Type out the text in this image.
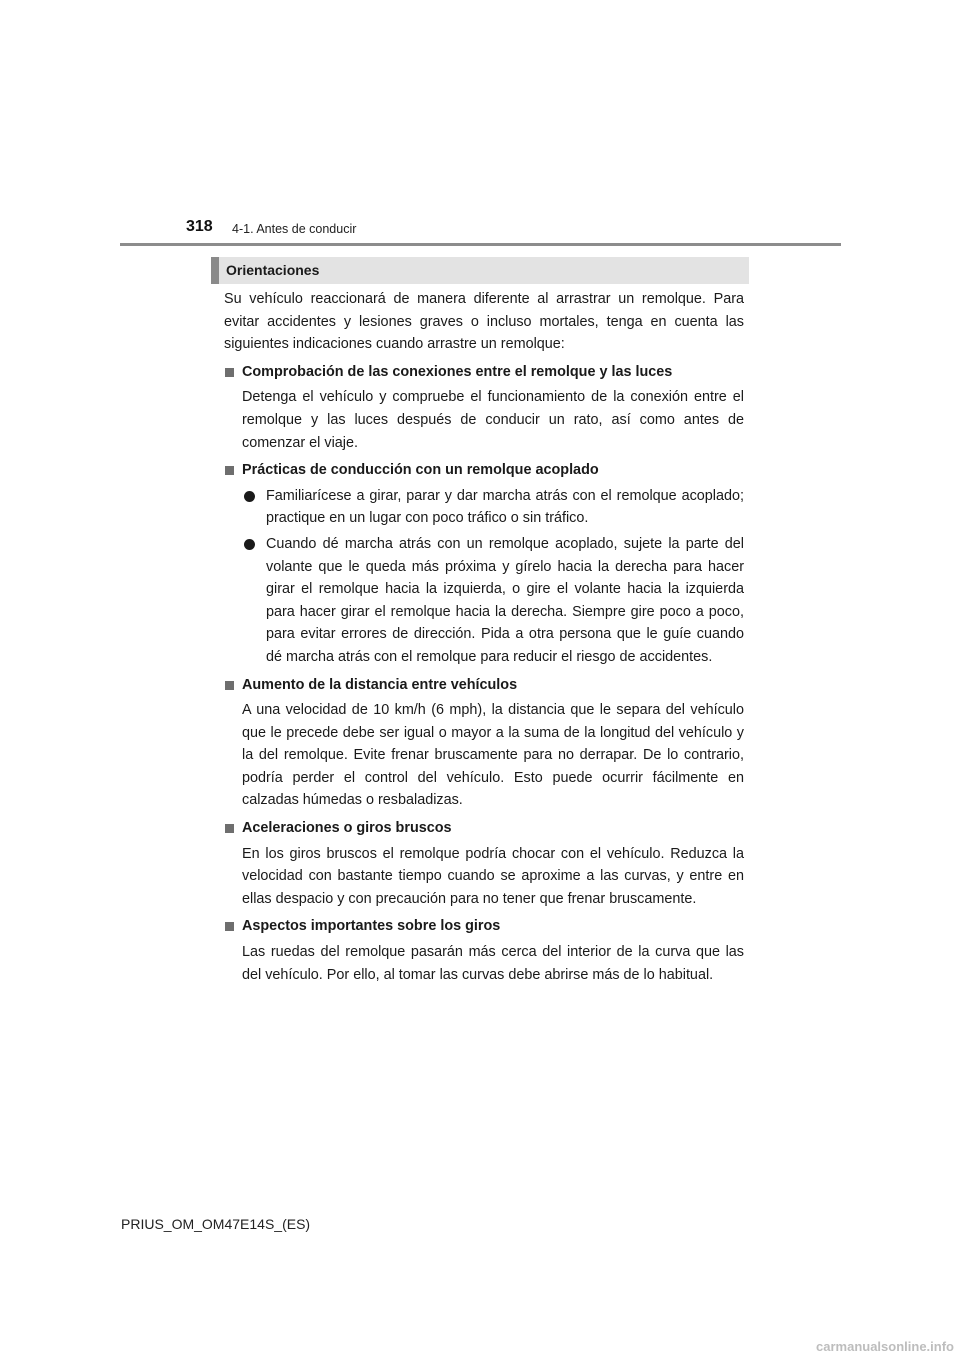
318 4-1. Antes de conducir
Orientaciones

Su vehículo reaccionará de manera diferente al arrastrar un remolque. Para evitar accidentes y lesiones graves o incluso mortales, tenga en cuenta las siguientes indicaciones cuando arrastre un remolque:

Comprobación de las conexiones entre el remolque y las luces

Detenga el vehículo y compruebe el funcionamiento de la conexión entre el remolque y las luces después de conducir un rato, así como antes de comenzar el viaje.

Prácticas de conducción con un remolque acoplado

Familiarícese a girar, parar y dar marcha atrás con el remolque acoplado; practique en un lugar con poco tráfico o sin tráfico.

Cuando dé marcha atrás con un remolque acoplado, sujete la parte del volante que le queda más próxima y gírelo hacia la derecha para hacer girar el remolque hacia la izquierda, o gire el volante hacia la izquierda para hacer girar el remolque hacia la derecha. Siempre gire poco a poco, para evitar errores de dirección. Pida a otra persona que le guíe cuando dé marcha atrás con el remolque para reducir el riesgo de accidentes.

Aumento de la distancia entre vehículos

A una velocidad de 10 km/h (6 mph), la distancia que le separa del vehículo que le precede debe ser igual o mayor a la suma de la longitud del vehículo y la del remolque. Evite frenar bruscamente para no derrapar. De lo contrario, podría perder el control del vehículo. Esto puede ocurrir fácilmente en calzadas húmedas o resbaladizas.

Aceleraciones o giros bruscos

En los giros bruscos el remolque podría chocar con el vehículo. Reduzca la velocidad con bastante tiempo cuando se aproxime a las curvas, y entre en ellas despacio y con precaución para no tener que frenar bruscamente.

Aspectos importantes sobre los giros

Las ruedas del remolque pasarán más cerca del interior de la curva que las del vehículo. Por ello, al tomar las curvas debe abrirse más de lo habitual.

PRIUS_OM_OM47E14S_(ES)
carmanualsonline.info
